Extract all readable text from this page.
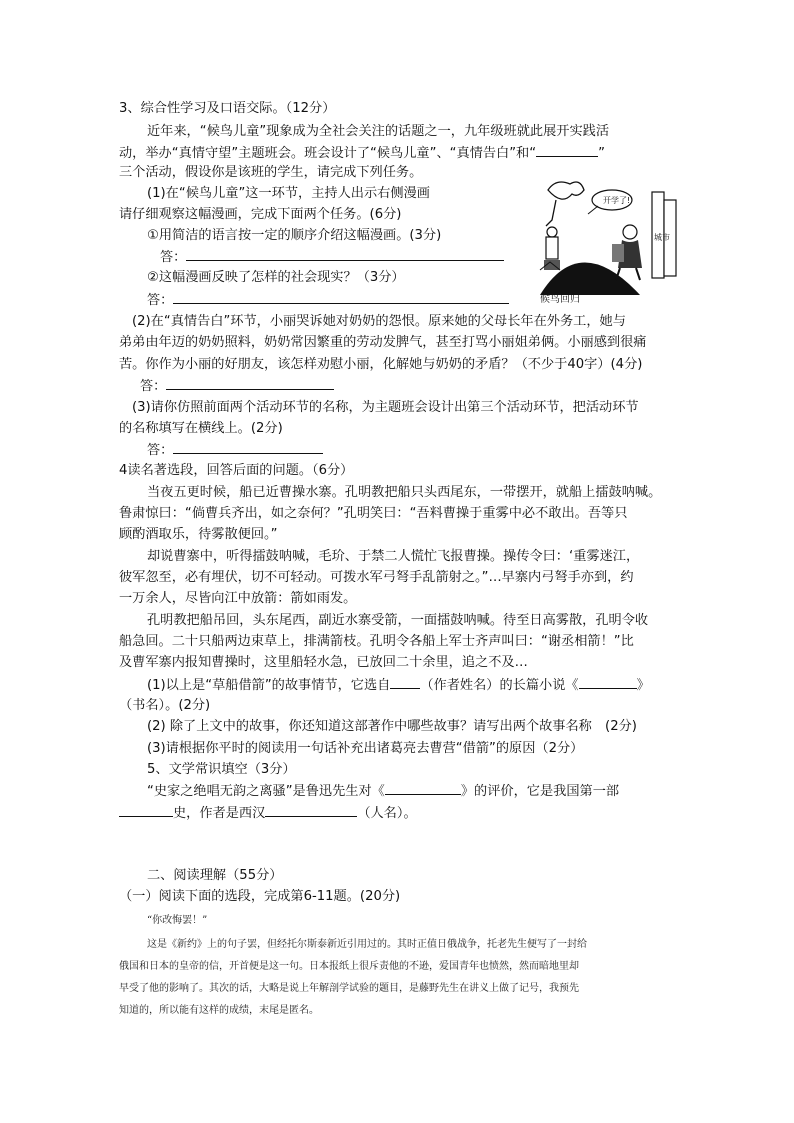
3、综合性学习及口语交际。（12分）
近年来，“候鸟儿童”现象成为全社会关注的话题之一，九年级班就此展开实践活
动，举办“真情守望”主题班会。班会设计了“候鸟儿童”、“真情告白”和“	”
三个活动，假设你是该班的学生，请完成下列任务。
(1)在“候鸟儿童”这一环节，主持人出示右侧漫画
请仔细观察这幅漫画，完成下面两个任务。(6分)
①用简洁的语言按一定的顺序介绍这幅漫画。(3分)
答：
②这幅漫画反映了怎样的社会现实？（3分）
答：
开学了!
城市
候鸟回归
(2)在“真情告白”环节，小丽哭诉她对奶奶的怨恨。原来她的父母长年在外务工，她与
弟弟由年迈的奶奶照料，奶奶常因繁重的劳动发脾气，甚至打骂小丽姐弟俩。小丽感到很痛
苦。你作为小丽的好朋友，该怎样劝慰小丽，化解她与奶奶的矛盾？（不少于40字）(4分)
答：
(3)请你仿照前面两个活动环节的名称，为主题班会设计出第三个活动环节，把活动环节
的名称填写在横线上。(2分)
答：
4读名著选段，回答后面的问题。（6分）
当夜五更时候，船已近曹操水寨。孔明教把船只头西尾东，一带摆开，就船上擂鼓呐喊。
鲁肃惊曰：“倘曹兵齐出，如之奈何？”孔明笑曰：“吾料曹操于重雾中必不敢出。吾等只
顾酌酒取乐，待雾散便回。”
却说曹寨中，听得擂鼓呐喊，毛玠、于禁二人慌忙飞报曹操。操传令曰：‘重雾迷江，
彼军忽至，必有埋伏，切不可轻动。可拨水军弓弩手乱箭射之。”…早寨内弓弩手亦到，约
一万余人，尽皆向江中放箭：箭如雨发。
孔明教把船吊回，头东尾西，副近水寨受箭，一面擂鼓呐喊。待至日高雾散，孔明令收
船急回。二十只船两边束草上，排满箭枝。孔明令各船上军士齐声叫曰：“谢丞相箭！”比
及曹军寨内报知曹操时，这里船轻水急，已放回二十余里，追之不及…
(1)以上是“草船借箭”的故事情节，它选自 （作者姓名）的长篇小说《	》
（书名）。(2分)
(2) 除了上文中的故事，你还知道这部著作中哪些故事？请写出两个故事名称　(2分)
(3)请根据你平时的阅读用一句话补充出诸葛亮去曹营“借箭”的原因（2分）
5、文学常识填空（3分）
“史家之绝唱无韵之离骚”是鲁迅先生对《	》的评价，它是我国第一部
史，作者是西汉	（人名）。
二、阅读理解（55分）
（一）阅读下面的选段，完成第6-11题。(20分)
“你改悔罢！”
这是《新约》上的句子罢，但经托尔斯泰新近引用过的。其时正值日俄战争，托老先生便写了一封给
俄国和日本的皇帝的信，开首便是这一句。日本报纸上很斥责他的不逊，爱国青年也愤然，然而暗地里却
早受了他的影响了。其次的话，大略是说上年解剖学试验的题目，是藤野先生在讲义上做了记号，我预先
知道的，所以能有这样的成绩，末尾是匿名。
